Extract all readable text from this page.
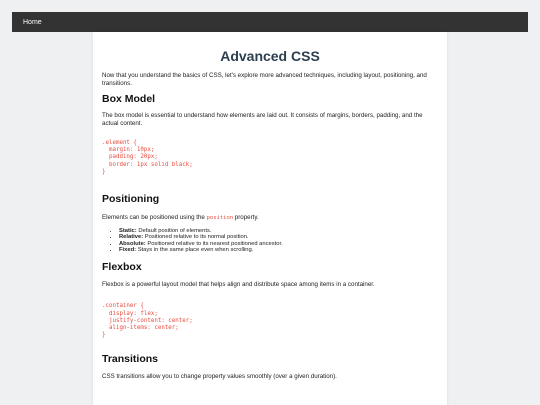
Home
Advanced CSS

Now that you understand the basics of CSS, let's explore more advanced techniques, including layout, positioning, and transitions.

Box Model

The box model is essential to understand how elements are laid out. It consists of margins, borders, padding, and the actual content.

.element {
margin: 10px;
padding: 20px;
border: 1px solid black;
}
Positioning

Elements can be positioned using the position property.

• Static: Default position of elements.
• Relative: Positioned relative to its normal position.
• Absolute: Positioned relative to its nearest positioned ancestor.
• Fixed: Stays in the same place even when scrolling.
Flexbox

Flexbox is a powerful layout model that helps align and distribute space among items in a container.

.container {
display: flex;
justify-content: center;
align-items: center;
}
Transitions

CSS transitions allow you to change property values smoothly (over a given duration).
